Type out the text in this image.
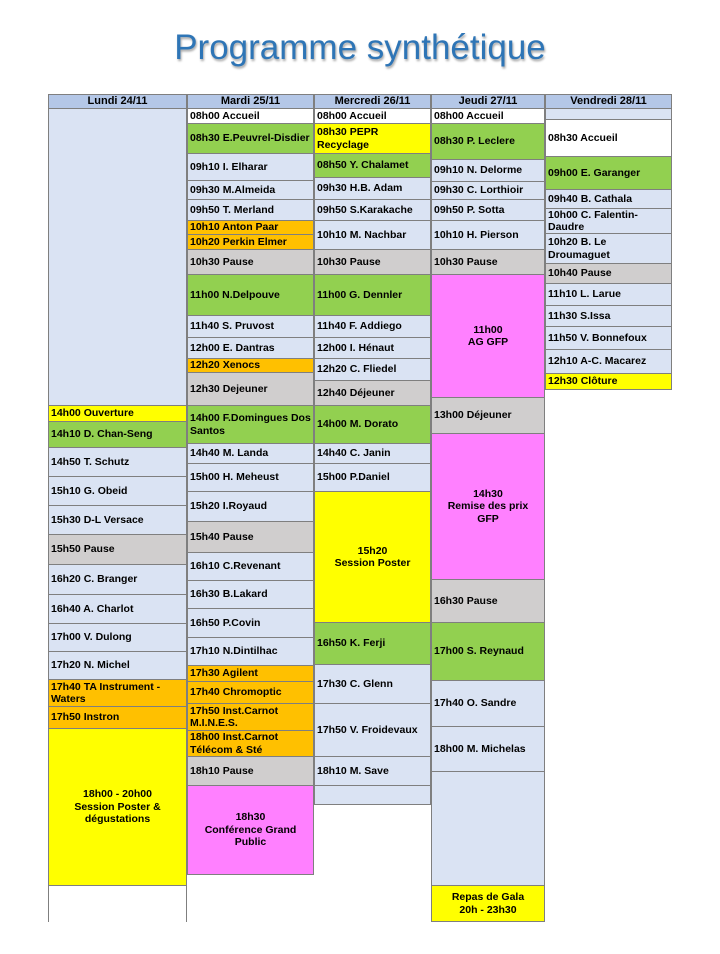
Programme synthétique
Lundi 24/11
14h00 Ouverture
14h10 D. Chan-Seng
14h50 T. Schutz
15h10 G. Obeid
15h30 D-L Versace
15h50 Pause
16h20 C. Branger
16h40 A. Charlot
17h00 V. Dulong
17h20 N. Michel
17h40 TA Instrument - Waters
17h50 Instron
18h00 - 20h00
Session Poster &
dégustations
Mardi 25/11
08h00 Accueil
08h30 E.Peuvrel-Disdier
09h10 I. Elharar
09h30 M.Almeida
09h50 T. Merland
10h10 Anton Paar
10h20 Perkin Elmer
10h30 Pause
11h00 N.Delpouve
11h40 S. Pruvost
12h00 E. Dantras
12h20 Xenocs
12h30 Dejeuner
14h00 F.Domingues Dos Santos
14h40 M. Landa
15h00 H. Meheust
15h20 I.Royaud
15h40 Pause
16h10 C.Revenant
16h30 B.Lakard
16h50 P.Covin
17h10 N.Dintilhac
17h30 Agilent
17h40 Chromoptic
17h50 Inst.Carnot M.I.N.E.S.
18h00 Inst.Carnot Télécom & Sté
18h10 Pause
18h30
Conférence Grand
Public
Mercredi 26/11
08h00 Accueil
08h30 PEPR Recyclage
08h50 Y. Chalamet
09h30 H.B. Adam
09h50 S.Karakache
10h10 M. Nachbar
10h30 Pause
11h00 G. Dennler
11h40 F. Addiego
12h00 I. Hénaut
12h20 C. Fliedel
12h40 Déjeuner
14h00 M. Dorato
14h40 C. Janin
15h00 P.Daniel
15h20
Session Poster
16h50 K. Ferji
17h30 C. Glenn
17h50 V. Froidevaux
18h10 M. Save
Jeudi 27/11
08h00 Accueil
08h30 P. Leclere
09h10 N. Delorme
09h30 C. Lorthioir
09h50 P. Sotta
10h10 H. Pierson
10h30 Pause
11h00
AG GFP
13h00 Déjeuner
14h30
Remise des prix
GFP
16h30 Pause
17h00 S. Reynaud
17h40 O. Sandre
18h00 M. Michelas
Repas de Gala
20h - 23h30
Vendredi 28/11
08h30 Accueil
09h00 E. Garanger
09h40 B. Cathala
10h00 C. Falentin-Daudre
10h20 B. Le Droumaguet
10h40 Pause
11h10 L. Larue
11h30 S.Issa
11h50 V. Bonnefoux
12h10 A-C. Macarez
12h30 Clôture
